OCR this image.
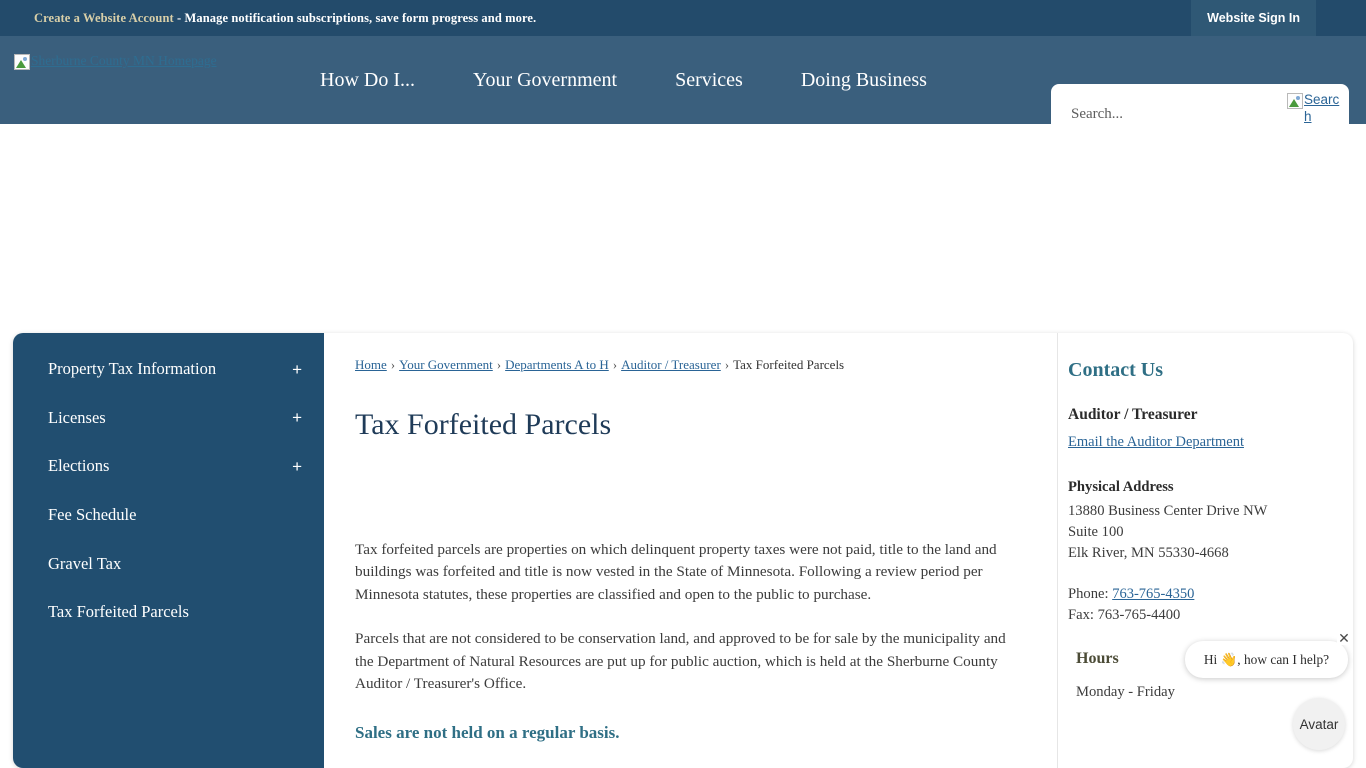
Create a Website Account - Manage notification subscriptions, save form progress and more.	Website Sign In
Sherburne County MN Homepage
How Do I...	Your Government	Services	Doing Business
Search...
Search
Property Tax Information	+
Licenses	+
Elections	+
Fee Schedule
Gravel Tax
Tax Forfeited Parcels
Home › Your Government › Departments A to H › Auditor / Treasurer › Tax Forfeited Parcels
Tax Forfeited Parcels

Tax forfeited parcels are properties on which delinquent property taxes were not paid, title to the land and buildings was forfeited and title is now vested in the State of Minnesota. Following a review period per Minnesota statutes, these properties are classified and open to the public to purchase.

Parcels that are not considered to be conservation land, and approved to be for sale by the municipality and the Department of Natural Resources are put up for public auction, which is held at the Sherburne County Auditor / Treasurer's Office.

Sales are not held on a regular basis.
Contact Us
Auditor / Treasurer
Email the Auditor Department
Physical Address
13880 Business Center Drive NW
Suite 100
Elk River, MN 55330-4668
Phone: 763-765-4350
Fax: 763-765-4400
Hours
Monday - Friday
Hi 👋, how can I help?
✕
Avatar
